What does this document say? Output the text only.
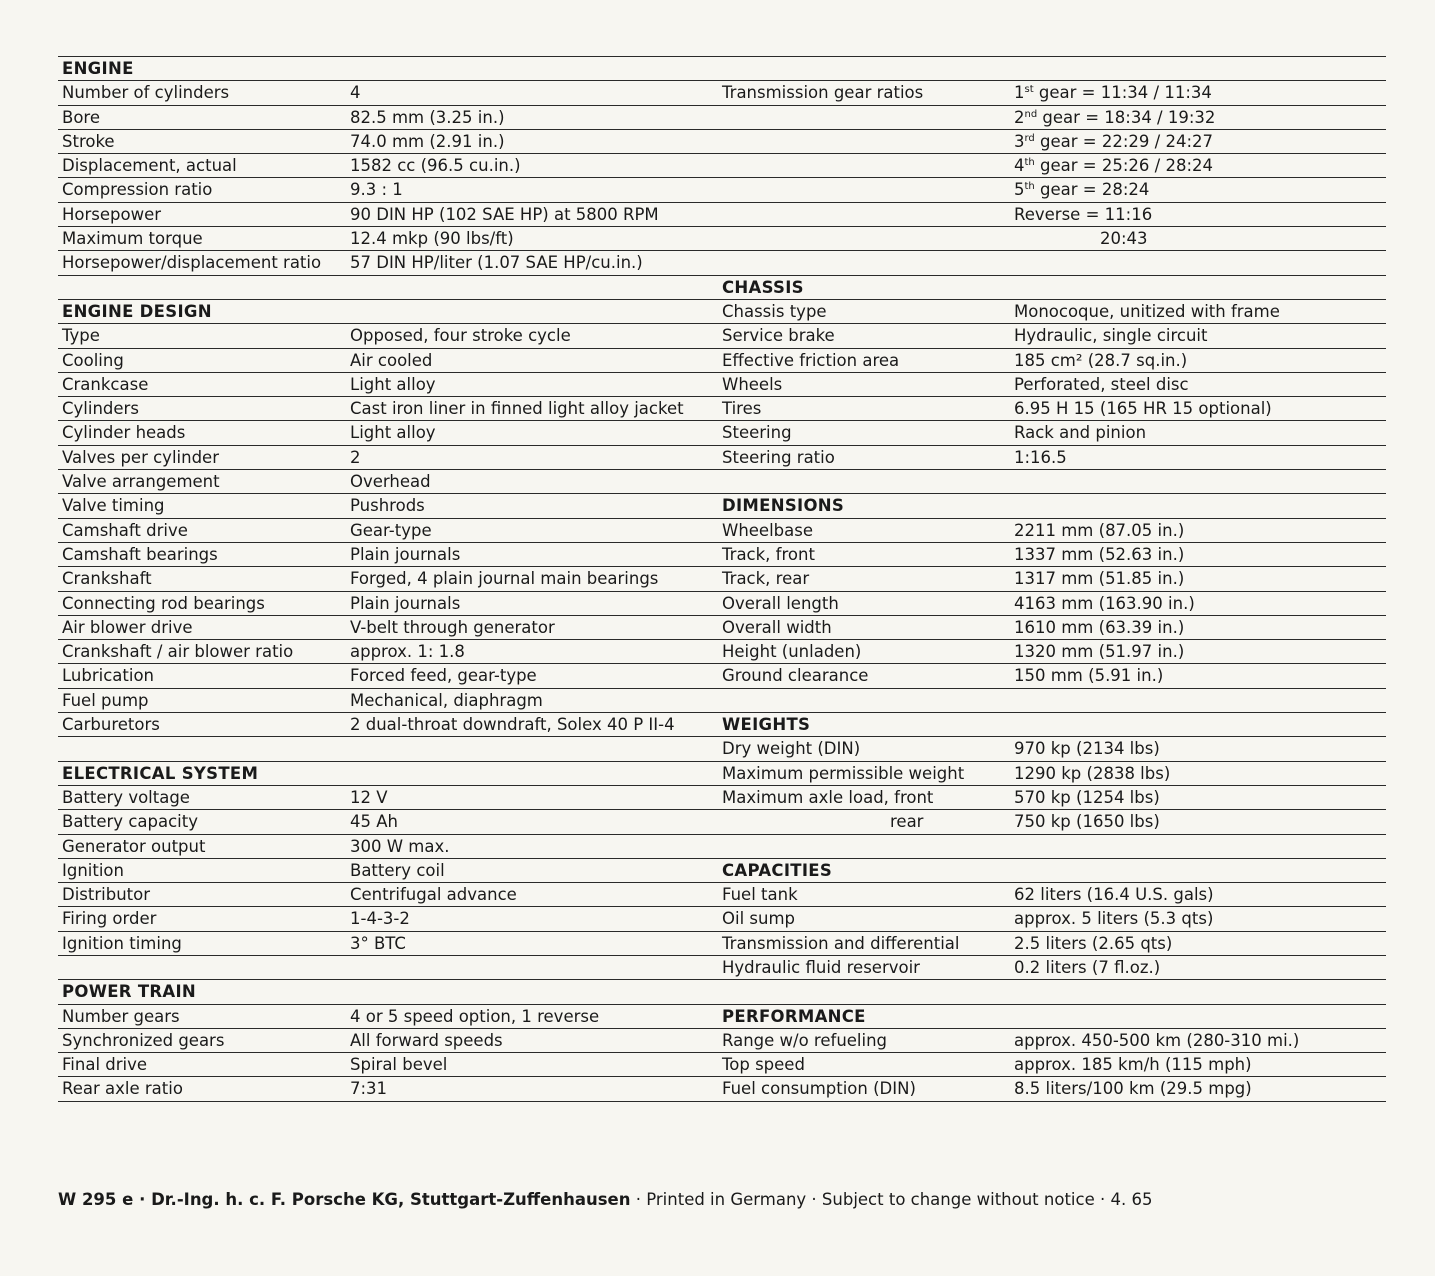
ENGINE
Number of cylinders	4
Bore	82.5 mm (3.25 in.)
Stroke	74.0 mm (2.91 in.)
Displacement, actual	1582 cc (96.5 cu.in.)
Compression ratio	9.3 : 1
Horsepower	90 DIN HP (102 SAE HP) at 5800 RPM
Maximum torque	12.4 mkp (90 lbs/ft)
Horsepower/displacement ratio 57 DIN HP/liter (1.07 SAE HP/cu.in.)
ENGINE DESIGN
Type	Opposed, four stroke cycle
Cooling	Air cooled
Crankcase	Light alloy
Cylinders	Cast iron liner in finned light alloy jacket
Cylinder heads	Light alloy
Valves per cylinder	2
Valve arrangement	Overhead
Valve timing	Pushrods
Camshaft drive	Gear-type
Camshaft bearings	Plain journals
Crankshaft	Forged, 4 plain journal main bearings
Connecting rod bearings	Plain journals
Air blower drive	V-belt through generator
Crankshaft / air blower ratio	approx. 1: 1.8
Lubrication	Forced feed, gear-type
Fuel pump	Mechanical, diaphragm
Carburetors	2 dual-throat downdraft, Solex 40 P II-4
ELECTRICAL SYSTEM
Battery voltage	12 V
Battery capacity	45 Ah
Generator output	300 W max.
Ignition	Battery coil
Distributor	Centrifugal advance
Firing order	1-4-3-2
Ignition timing	3° BTC
POWER TRAIN
Number gears	4 or 5 speed option, 1 reverse
Synchronized gears	All forward speeds
Final drive	Spiral bevel
Rear axle ratio	7:31
Transmission gear ratios	1st gear = 11:34 / 11:34
2nd gear = 18:34 / 19:32
3rd gear = 22:29 / 24:27
4th gear = 25:26 / 28:24
5th gear = 28:24
Reverse = 11:16
20:43
CHASSIS
Chassis type	Monocoque, unitized with frame
Service brake	Hydraulic, single circuit
Effective friction area	185 cm² (28.7 sq.in.)
Wheels	Perforated, steel disc
Tires	6.95 H 15 (165 HR 15 optional)
Steering	Rack and pinion
Steering ratio	1:16.5
DIMENSIONS
Wheelbase	2211 mm (87.05 in.)
Track, front	1337 mm (52.63 in.)
Track, rear	1317 mm (51.85 in.)
Overall length	4163 mm (163.90 in.)
Overall width	1610 mm (63.39 in.)
Height (unladen)	1320 mm (51.97 in.)
Ground clearance	150 mm (5.91 in.)
WEIGHTS
Dry weight (DIN)	970 kp (2134 lbs)
Maximum permissible weight	1290 kp (2838 lbs)
Maximum axle load, front	570 kp (1254 lbs)
rear	750 kp (1650 lbs)
CAPACITIES
Fuel tank	62 liters (16.4 U.S. gals)
Oil sump	approx. 5 liters (5.3 qts)
Transmission and differential	2.5 liters (2.65 qts)
Hydraulic fluid reservoir	0.2 liters (7 fl.oz.)
PERFORMANCE
Range w/o refueling	approx. 450-500 km (280-310 mi.)
Top speed	approx. 185 km/h (115 mph)
Fuel consumption (DIN)	8.5 liters/100 km (29.5 mpg)
W 295 e · Dr.-Ing. h. c. F. Porsche KG, Stuttgart-Zuffenhausen · Printed in Germany · Subject to change without notice · 4. 65
